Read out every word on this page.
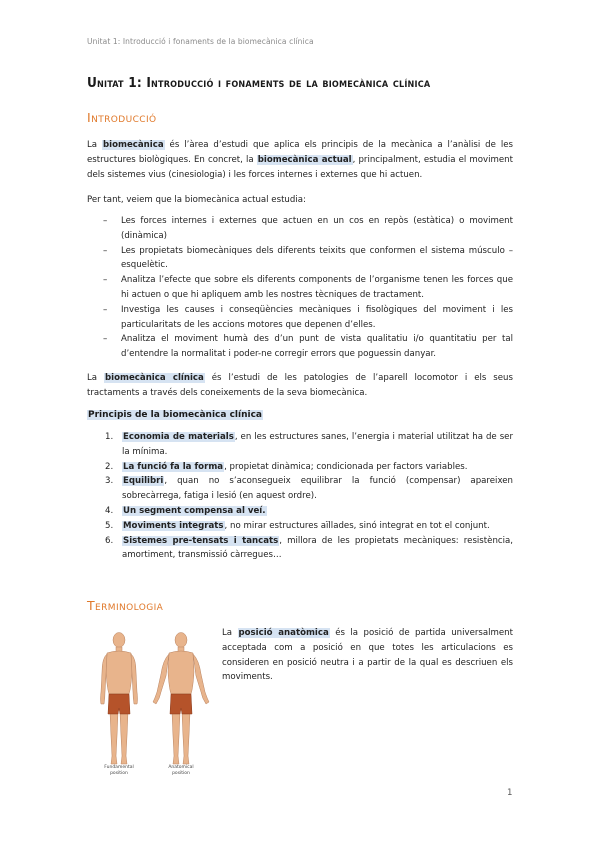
Unitat 1: Introducció i fonaments de la biomecànica clínica
Unitat 1: Introducció i fonaments de la biomecànica clínica
Introducció
La biomecànica és l’àrea d’estudi que aplica els principis de la mecànica a l’anàlisi de les estructures biològiques. En concret, la biomecànica actual, principalment, estudia el moviment dels sistemes vius (cinesiologia) i les forces internes i externes que hi actuen.
Per tant, veiem que la biomecànica actual estudia:
– Les forces internes i externes que actuen en un cos en repòs (estàtica) o moviment (dinàmica)
– Les propietats biomecàniques dels diferents teixits que conformen el sistema músculo – esquelètic.
– Analitza l’efecte que sobre els diferents components de l’organisme tenen les forces que hi actuen o que hi apliquem amb les nostres tècniques de tractament.
– Investiga les causes i conseqüències mecàniques i fisològiques del moviment i les particularitats de les accions motores que depenen d’elles.
– Analitza el moviment humà des d’un punt de vista qualitatiu i/o quantitatiu per tal d’entendre la normalitat i poder-ne corregir errors que poguessin danyar.
La biomecànica clínica és l’estudi de les patologies de l’aparell locomotor i els seus tractaments a través dels coneixements de la seva biomecànica.
Principis de la biomecànica clínica
1. Economia de materials, en les estructures sanes, l’energia i material utilitzat ha de ser la mínima.
2. La funció fa la forma, propietat dinàmica; condicionada per factors variables.
3. Equilibri, quan no s’aconsegueix equilibrar la funció (compensar) apareixen sobrecàrrega, fatiga i lesió (en aquest ordre).
4. Un segment compensa al veí.
5. Moviments integrats, no mirar estructures aïllades, sinó integrat en tot el conjunt.
6. Sistemes pre-tensats i tancats, millora de les propietats mecàniques: resistència, amortiment, transmissió càrregues…
Terminologia
Fundamental
position
Anatomical
position
La posició anatòmica és la posició de partida universalment acceptada com a posició en que totes les articulacions es consideren en posició neutra i a partir de la qual es descriuen els moviments.
1
